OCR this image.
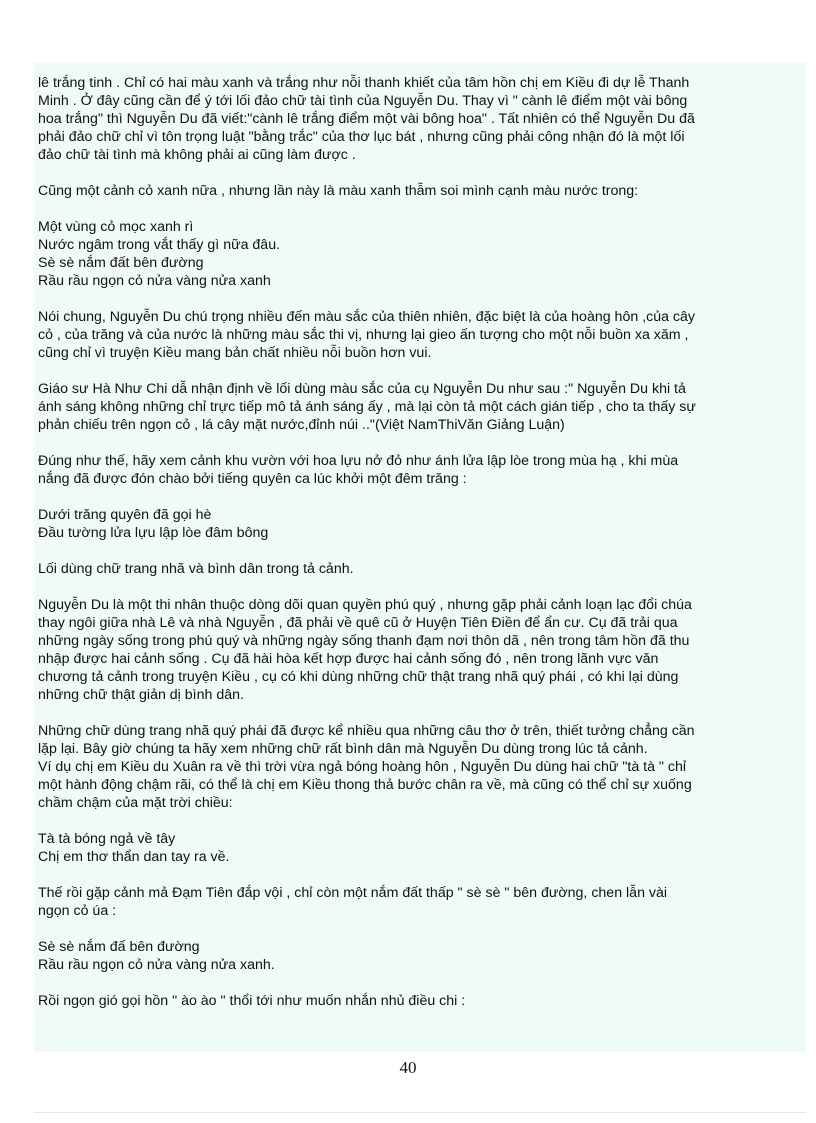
lê trắng tinh . Chỉ có hai màu xanh và trắng như nỗi thanh khiết của tâm hồn chị em Kiều đi dự lễ Thanh

Minh . Ở đây cũng cần để ý tới lối đảo chữ tài tình của Nguyễn Du. Thay vì " cành lê điểm một vài bông

hoa trắng" thì Nguyễn Du đã viết:"cành lê trắng điểm một vài bông hoa" . Tất nhiên có thể Nguyễn Du đã

phải đảo chữ chỉ vì tôn trọng luật "bằng trắc" của thơ lục bát , nhưng cũng phải công nhận đó là một lối

đảo chữ tài tình mà không phải ai cũng làm được .

Cũng một cảnh cỏ xanh nữa , nhưng lần này là màu xanh thẫm soi mình cạnh màu nước trong:

Một vùng cỏ mọc xanh rì

Nước ngâm trong vắt thấy gì nữa đâu.

Sè sè nắm đất bên đường

Rầu rầu ngọn cỏ nửa vàng nửa xanh

Nói chung, Nguyễn Du chú trọng nhiều đến màu sắc của thiên nhiên, đặc biệt là của hoàng hôn ,của cây

cỏ , của trăng và của nước là những màu sắc thi vị, nhưng lại gieo ấn tượng cho một nỗi buồn xa xăm ,

cũng chỉ vì truyện Kiều mang bản chất nhiều nỗi buồn hơn vui.

Giáo sư Hà Như Chi dẫ nhận định về lối dùng màu sắc của cụ Nguyễn Du như sau :" Nguyễn Du khi tả

ánh sáng không những chỉ trực tiếp mô tả ánh sáng ấy , mà lại còn tả một cách gián tiếp , cho ta thấy sự

phản chiếu trên ngọn cỏ , lá cây mặt nước,đỉnh núi .."(Việt NamThiVăn Giảng Luận)

Đúng như thế, hãy xem cảnh khu vườn với hoa lựu nở đỏ như ánh lửa lập lòe trong mùa hạ , khi mùa

nắng đã được đón chào bởi tiếng quyên ca lúc khởi một đêm trăng :

Dưới trăng quyên đã gọi hè

Đầu tường lửa lựu lập lòe đâm bông

Lối dùng chữ trang nhã và bình dân trong tả cảnh.

Nguyễn Du là một thi nhân thuộc dòng dõi quan quyền phú quý , nhưng gặp phải cảnh loạn lạc đổi chúa

thay ngôi giữa nhà Lê và nhà Nguyễn , đã phải về quê cũ ở Huyện Tiên Điền để ẩn cư. Cụ đã trải qua

những ngày sống trong phú quý và những ngày sống thanh đạm nơi thôn dã , nên trong tâm hồn đã thu

nhập được hai cảnh sống . Cụ đã hài hòa kết hợp được hai cảnh sống đó , nên trong lãnh vực văn

chương tả cảnh trong truyện Kiều , cụ có khi dùng những chữ thật trang nhã quý phái , có khi lại dùng

những chữ thật giản dị bình dân.

Những chữ dùng trang nhã quý phái đã được kể nhiều qua những câu thơ ở trên, thiết tưởng chẳng cần

lặp lại. Bây giờ chúng ta hãy xem những chữ rất bình dân mà Nguyễn Du dùng trong lúc tả cảnh.

Ví dụ chị em Kiều du Xuân ra về thì trời vừa ngả bóng hoàng hôn , Nguyễn Du dùng hai chữ "tà tà " chỉ

một hành động chậm rãi, có thể là chị em Kiều thong thả bước chân ra về, mà cũng có thể chỉ sự xuống

chầm chậm của mặt trời chiều:

Tà tà bóng ngả về tây

Chị em thơ thẩn dan tay ra về.

Thế rồi gặp cảnh mả Đạm Tiên đắp vội , chỉ còn một nắm đất thấp " sè sè " bên đường, chen lẫn vài

ngọn cỏ úa :

Sè sè nắm đấ bên đường

Rầu rầu ngọn cỏ nửa vàng nửa xanh.

Rồi ngọn gió gọi hồn " ào ào " thổi tới như muốn nhắn nhủ điều chi :

40
